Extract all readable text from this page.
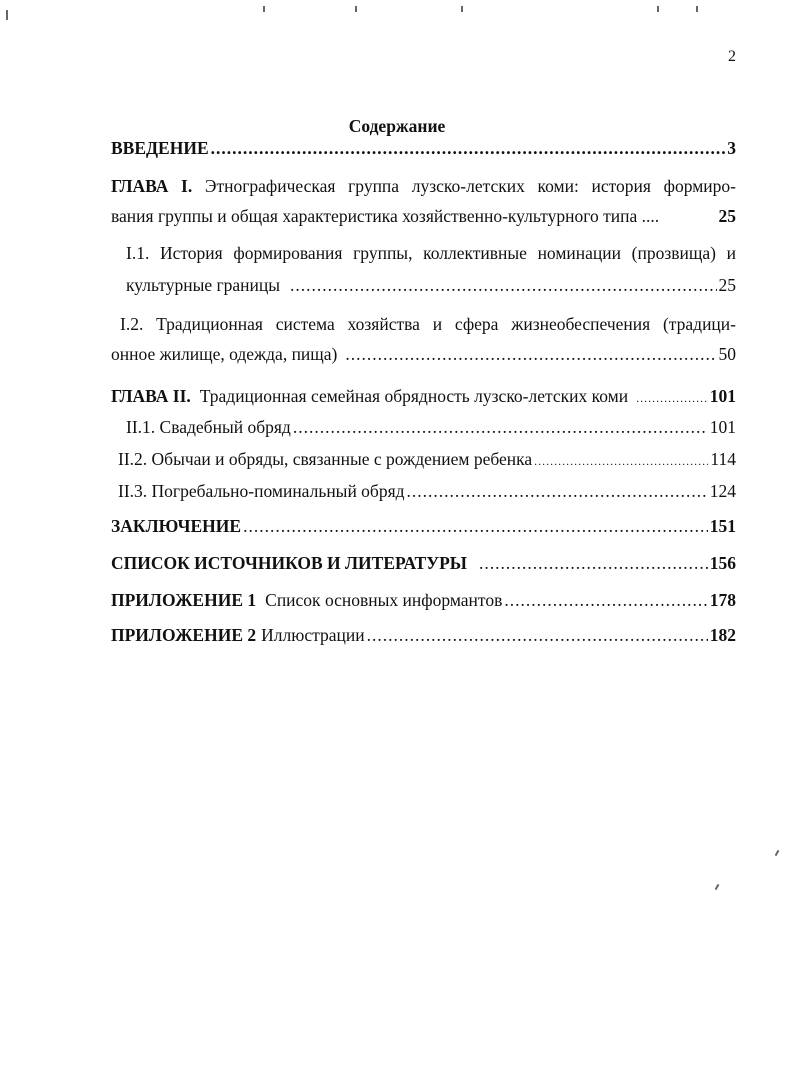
2
Содержание
ВВЕДЕНИЕ .....	3
ГЛАВА I. Этнографическая группа лузско-летских коми: история формиро-
вания группы и общая характеристика хозяйственно-культурного типа ....	25
I.1. История формирования группы, коллективные номинации (прозвища) и
культурные границы .....	25
I.2. Традиционная система хозяйства и сфера жизнеобеспечения (традици-
онное жилище, одежда, пища) .....	50
ГЛАВА II. Традиционная семейная обрядность лузско-летских коми .....	101
II.1. Свадебный обряд .....	101
II.2. Обычаи и обряды, связанные с рождением ребенка .....	114
II.3. Погребально-поминальный обряд .....	124
ЗАКЛЮЧЕНИЕ .....	151
СПИСОК ИСТОЧНИКОВ И ЛИТЕРАТУРЫ .....	156
ПРИЛОЖЕНИЕ 1 Список основных информантов .....	178
ПРИЛОЖЕНИЕ 2 Иллюстрации .....	182
